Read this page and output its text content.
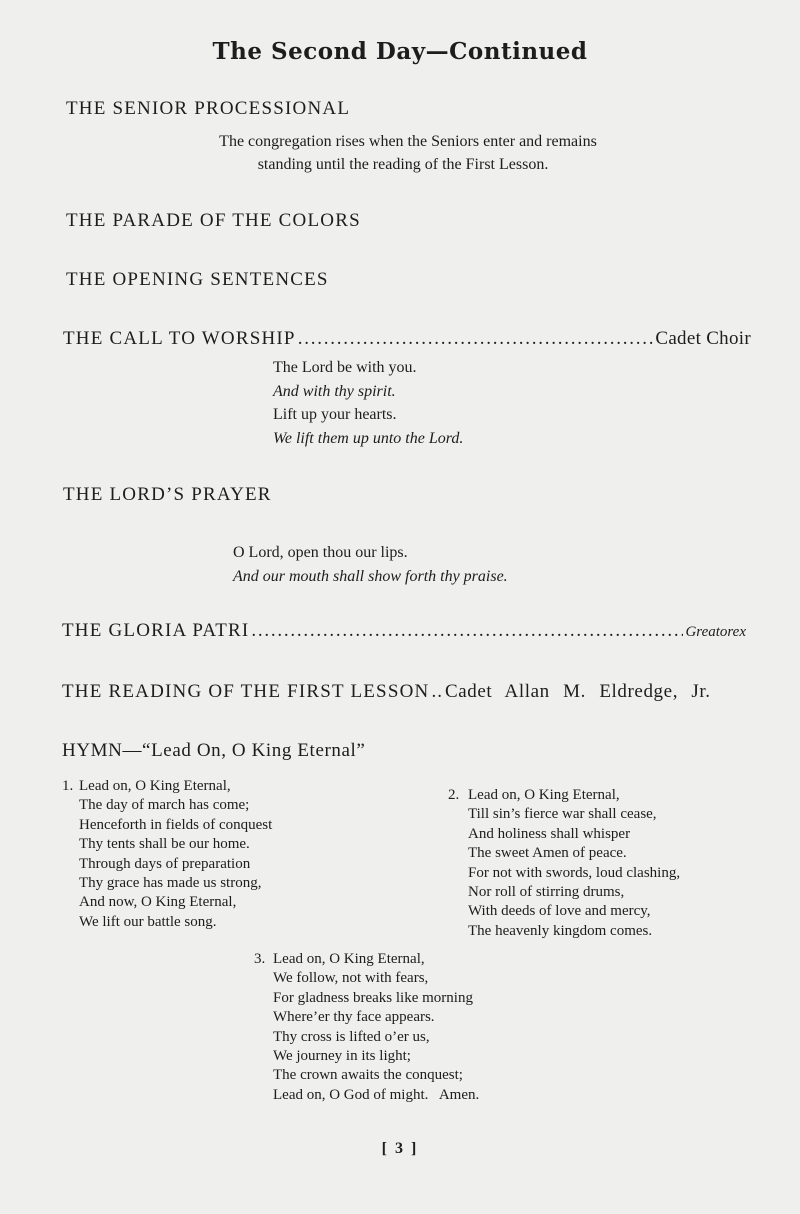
The Second Day—Continued
THE SENIOR PROCESSIONAL
The congregation rises when the Seniors enter and remains
standing until the reading of the First Lesson.
THE PARADE OF THE COLORS
THE OPENING SENTENCES
THE CALL TO WORSHIP . . .	Cadet Choir
The Lord be with you.
And with thy spirit.
Lift up your hearts.
We lift them up unto the Lord.
THE LORD’S PRAYER
O Lord, open thou our lips.
And our mouth shall show forth thy praise.
THE GLORIA PATRI . . .	Greatorex
THE READING OF THE FIRST LESSON .. Cadet Allan M. Eldredge, Jr.
HYMN—“Lead On, O King Eternal”
1. Lead on, O King Eternal,
The day of march has come;
Henceforth in fields of conquest
Thy tents shall be our home.
Through days of preparation
Thy grace has made us strong,
And now, O King Eternal,
We lift our battle song.
2. Lead on, O King Eternal,
Till sin’s fierce war shall cease,
And holiness shall whisper
The sweet Amen of peace.
For not with swords, loud clashing,
Nor roll of stirring drums,
With deeds of love and mercy,
The heavenly kingdom comes.
3. Lead on, O King Eternal,
We follow, not with fears,
For gladness breaks like morning
Where’er thy face appears.
Thy cross is lifted o’er us,
We journey in its light;
The crown awaits the conquest;
Lead on, O God of might.   Amen.
[ 3 ]
